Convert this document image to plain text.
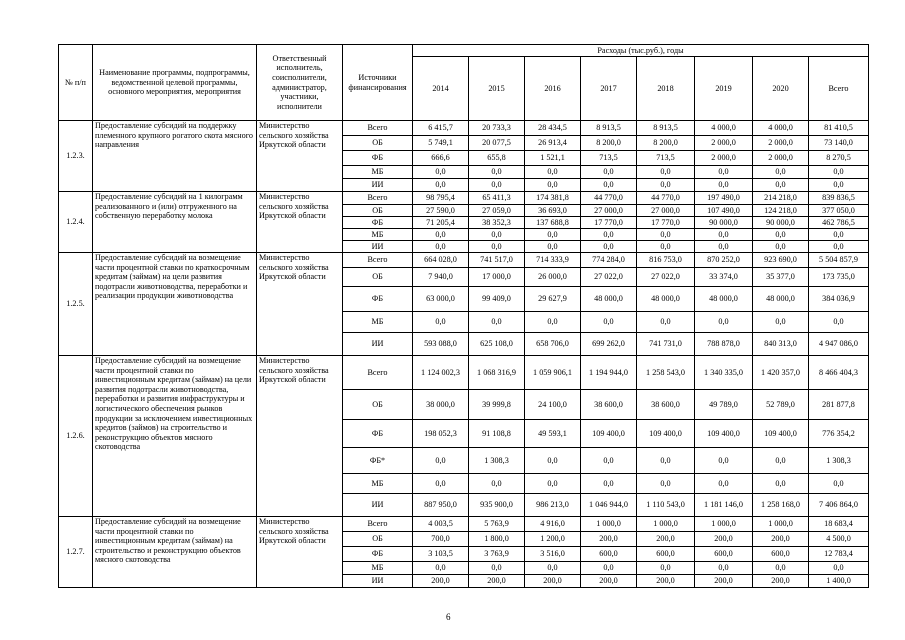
№ п/п	Наименование программы, подпрограммы, ведомственной целевой программы, основного мероприятия, мероприятия	Ответственный исполнитель, соисполнители, администратор, участники, исполнители	Источники финансирования	Расходы (тыс.руб.), годы							
				2014	2015	2016	2017	2018	2019	2020	Всего
1.2.3.	Предоставление субсидий на поддержку племенного крупного рогатого скота мясного направления	Министерство сельского хозяйства Иркутской области	Всего	6 415,7	20 733,3	28 434,5	8 913,5	8 913,5	4 000,0	4 000,0	81 410,5
			ОБ	5 749,1	20 077,5	26 913,4	8 200,0	8 200,0	2 000,0	2 000,0	73 140,0
			ФБ	666,6	655,8	1 521,1	713,5	713,5	2 000,0	2 000,0	8 270,5
			МБ	0,0	0,0	0,0	0,0	0,0	0,0	0,0	0,0
			ИИ	0,0	0,0	0,0	0,0	0,0	0,0	0,0	0,0
1.2.4.	Предоставление субсидий на 1 килограмм реализованного и (или) отгруженного на собственную переработку молока	Министерство сельского хозяйства Иркутской области	Всего	98 795,4	65 411,3	174 381,8	44 770,0	44 770,0	197 490,0	214 218,0	839 836,5
			ОБ	27 590,0	27 059,0	36 693,0	27 000,0	27 000,0	107 490,0	124 218,0	377 050,0
			ФБ	71 205,4	38 352,3	137 688,8	17 770,0	17 770,0	90 000,0	90 000,0	462 786,5
			МБ	0,0	0,0	0,0	0,0	0,0	0,0	0,0	0,0
			ИИ	0,0	0,0	0,0	0,0	0,0	0,0	0,0	0,0
1.2.5.	Предоставление субсидий на возмещение части процентной ставки по краткосрочным кредитам (займам) на цели развития подотрасли животноводства, переработки и реализации продукции животноводства	Министерство сельского хозяйства Иркутской области	Всего	664 028,0	741 517,0	714 333,9	774 284,0	816 753,0	870 252,0	923 690,0	5 504 857,9
			ОБ	7 940,0	17 000,0	26 000,0	27 022,0	27 022,0	33 374,0	35 377,0	173 735,0
			ФБ	63 000,0	99 409,0	29 627,9	48 000,0	48 000,0	48 000,0	48 000,0	384 036,9
			МБ	0,0	0,0	0,0	0,0	0,0	0,0	0,0	0,0
			ИИ	593 088,0	625 108,0	658 706,0	699 262,0	741 731,0	788 878,0	840 313,0	4 947 086,0
1.2.6.	Предоставление субсидий на возмещение части процентной ставки по инвестиционным кредитам (займам) на цели развития подотрасли животноводства, переработки и развития инфраструктуры и логистического обеспечения рынков продукции за исключением инвестиционных кредитов (займов) на строительство и реконструкцию объектов мясного скотоводства	Министерство сельского хозяйства Иркутской области	Всего	1 124 002,3	1 068 316,9	1 059 906,1	1 194 944,0	1 258 543,0	1 340 335,0	1 420 357,0	8 466 404,3
			ОБ	38 000,0	39 999,8	24 100,0	38 600,0	38 600,0	49 789,0	52 789,0	281 877,8
			ФБ	198 052,3	91 108,8	49 593,1	109 400,0	109 400,0	109 400,0	109 400,0	776 354,2
			ФБ*	0,0	1 308,3	0,0	0,0	0,0	0,0	0,0	1 308,3
			МБ	0,0	0,0	0,0	0,0	0,0	0,0	0,0	0,0
			ИИ	887 950,0	935 900,0	986 213,0	1 046 944,0	1 110 543,0	1 181 146,0	1 258 168,0	7 406 864,0
1.2.7.	Предоставление субсидий на возмещение части процентной ставки по инвестиционным кредитам (займам) на строительство и реконструкцию объектов мясного скотоводства	Министерство сельского хозяйства Иркутской области	Всего	4 003,5	5 763,9	4 916,0	1 000,0	1 000,0	1 000,0	1 000,0	18 683,4
			ОБ	700,0	1 800,0	1 200,0	200,0	200,0	200,0	200,0	4 500,0
			ФБ	3 103,5	3 763,9	3 516,0	600,0	600,0	600,0	600,0	12 783,4
			МБ	0,0	0,0	0,0	0,0	0,0	0,0	0,0	0,0
			ИИ	200,0	200,0	200,0	200,0	200,0	200,0	200,0	1 400,0
6
